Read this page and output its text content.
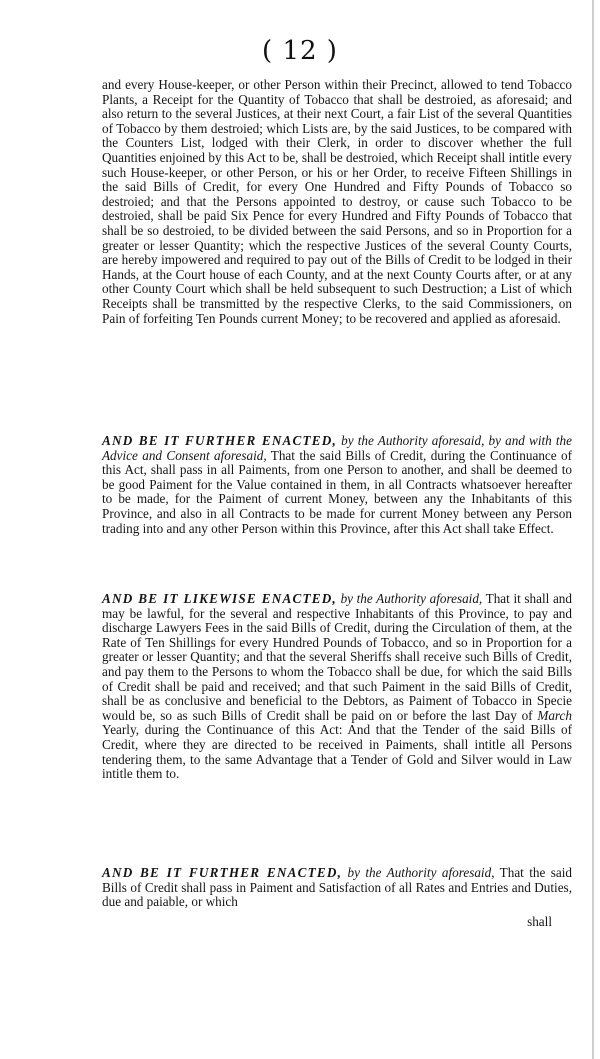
( 12 )

and every House-keeper, or other Person within their Precinct, allowed to tend Tobacco Plants, a Receipt for the Quantity of Tobacco that shall be destroied, as aforesaid; and also return to the several Justices, at their next Court, a fair List of the several Quantities of Tobacco by them destroied; which Lists are, by the said Justices, to be compared with the Counters List, lodged with their Clerk, in order to discover whether the full Quantities enjoined by this Act to be, shall be destroied, which Receipt shall intitle every such House-keeper, or other Person, or his or her Order, to receive Fifteen Shillings in the said Bills of Credit, for every One Hundred and Fifty Pounds of Tobacco so destroied; and that the Persons appointed to destroy, or cause such Tobacco to be destroied, shall be paid Six Pence for every Hundred and Fifty Pounds of Tobacco that shall be so destroied, to be divided between the said Persons, and so in Proportion for a greater or lesser Quantity; which the respective Justices of the several County Courts, are hereby impowered and required to pay out of the Bills of Credit to be lodged in their Hands, at the Court house of each County, and at the next County Courts after, or at any other County Court which shall be held subsequent to such Destruction; a List of which Receipts shall be transmitted by the respective Clerks, to the said Commissioners, on Pain of forfeiting Ten Pounds current Money; to be recovered and applied as aforesaid.

AND BE IT FURTHER ENACTED, by the Authority aforesaid, by and with the Advice and Consent aforesaid, That the said Bills of Credit, during the Continuance of this Act, shall pass in all Paiments, from one Person to another, and shall be deemed to be good Paiment for the Value contained in them, in all Contracts whatsoever hereafter to be made, for the Paiment of current Money, between any the Inhabitants of this Province, and also in all Contracts to be made for current Money between any Person trading into and any other Person within this Province, after this Act shall take Effect.

AND BE IT LIKEWISE ENACTED, by the Authority aforesaid, That it shall and may be lawful, for the several and respective Inhabitants of this Province, to pay and discharge Lawyers Fees in the said Bills of Credit, during the Circulation of them, at the Rate of Ten Shillings for every Hundred Pounds of Tobacco, and so in Proportion for a greater or lesser Quantity; and that the several Sheriffs shall receive such Bills of Credit, and pay them to the Persons to whom the Tobacco shall be due, for which the said Bills of Credit shall be paid and received; and that such Paiment in the said Bills of Credit, shall be as conclusive and beneficial to the Debtors, as Paiment of Tobacco in Specie would be, so as such Bills of Credit shall be paid on or before the last Day of March Yearly, during the Continuance of this Act: And that the Tender of the said Bills of Credit, where they are directed to be received in Paiments, shall intitle all Persons tendering them, to the same Advantage that a Tender of Gold and Silver would in Law intitle them to.

AND BE IT FURTHER ENACTED, by the Authority aforesaid, That the said Bills of Credit shall pass in Paiment and Satisfaction of all Rates and Entries and Duties, due and paiable, or which

shall
